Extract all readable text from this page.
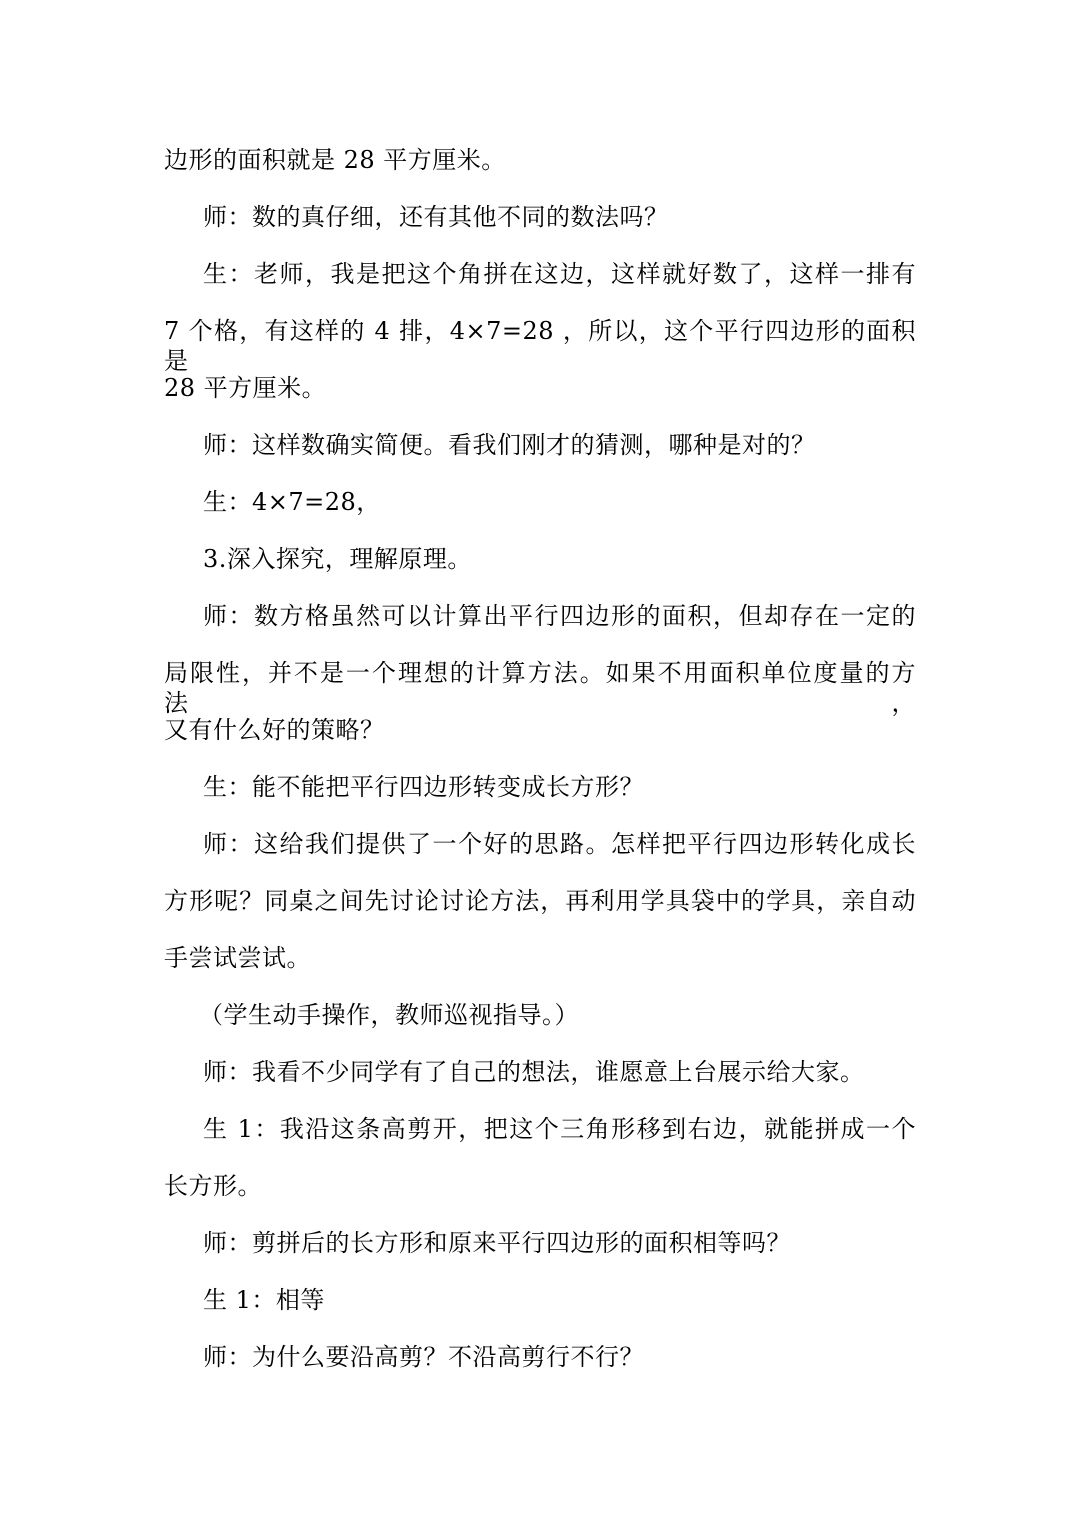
边形的面积就是 28 平方厘米。
师：数的真仔细，还有其他不同的数法吗？
生：老师，我是把这个角拼在这边，这样就好数了，这样一排有
7 个格，有这样的 4 排，4×7=28 ，所以，这个平行四边形的面积是
28 平方厘米。
师：这样数确实简便。看我们刚才的猜测，哪种是对的？
生：4×7=28，
3.深入探究，理解原理。
师：数方格虽然可以计算出平行四边形的面积，但却存在一定的
局限性，并不是一个理想的计算方法。如果不用面积单位度量的方法，
又有什么好的策略？
生：能不能把平行四边形转变成长方形？
师：这给我们提供了一个好的思路。怎样把平行四边形转化成长
方形呢？同桌之间先讨论讨论方法，再利用学具袋中的学具，亲自动
手尝试尝试。
（学生动手操作，教师巡视指导。）
师：我看不少同学有了自己的想法，谁愿意上台展示给大家。
生 1：我沿这条高剪开，把这个三角形移到右边，就能拼成一个
长方形。
师：剪拼后的长方形和原来平行四边形的面积相等吗？
生 1：相等
师：为什么要沿高剪？不沿高剪行不行？
